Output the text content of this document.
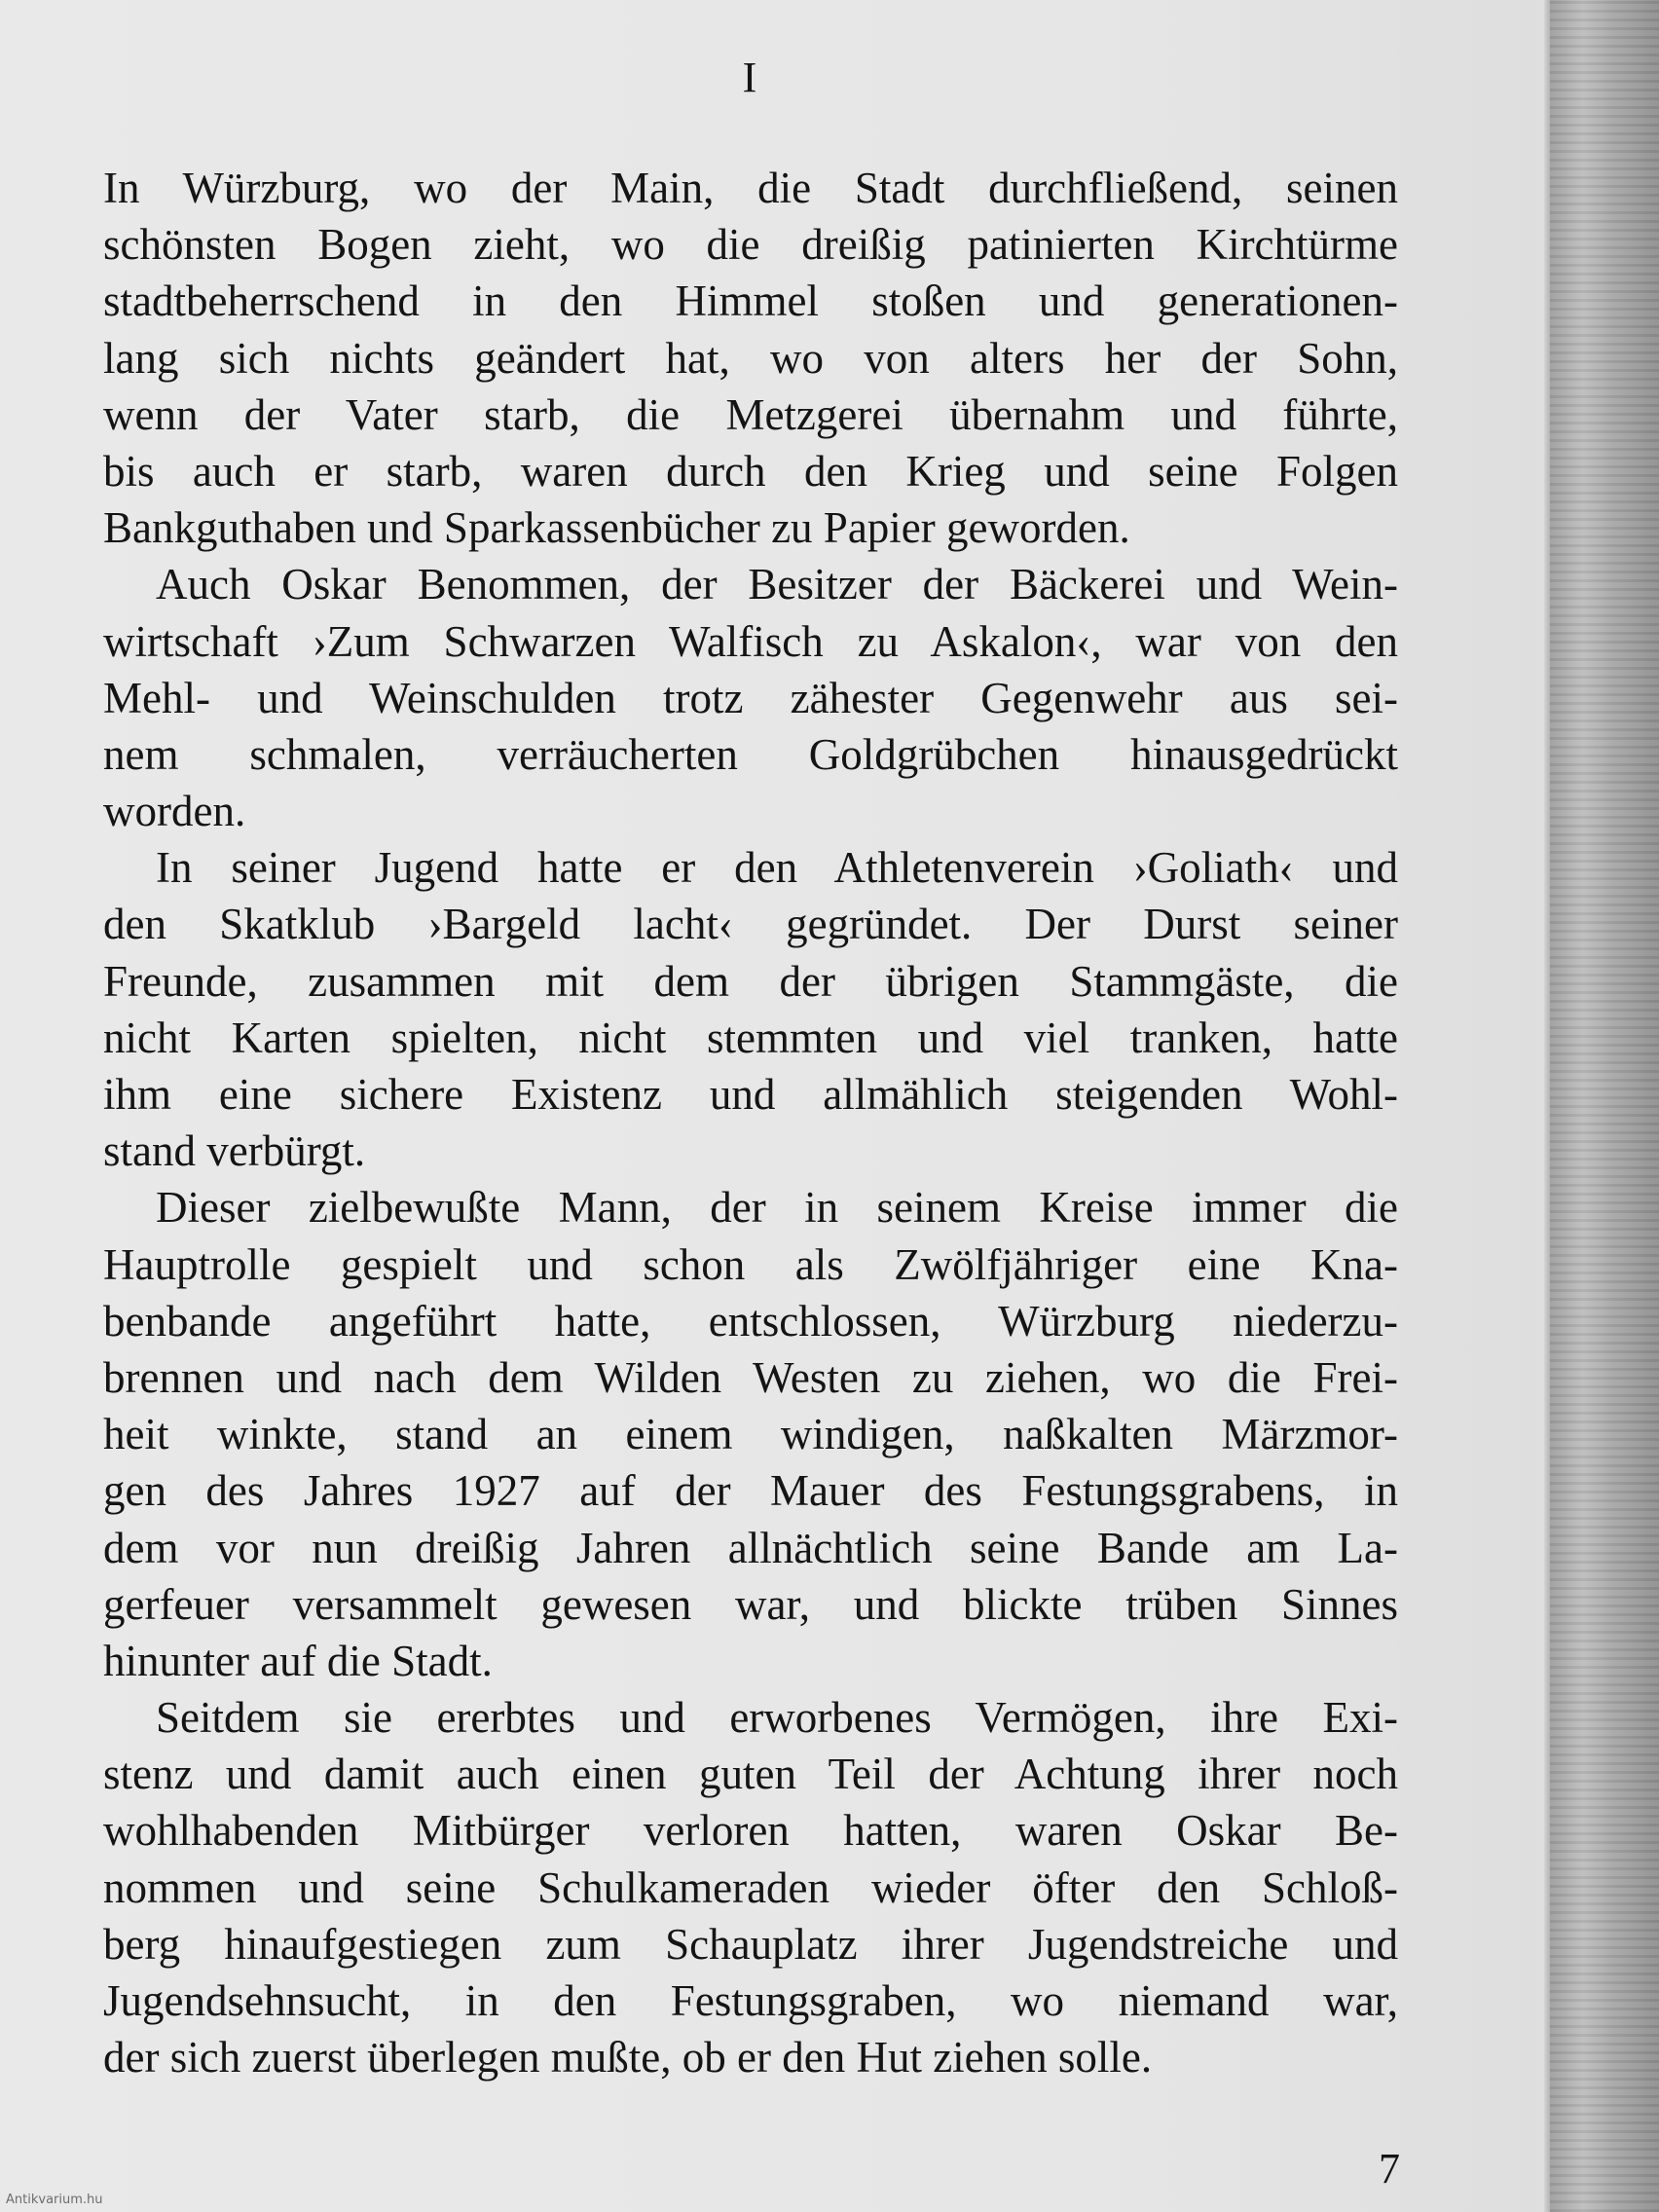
I
In Würzburg, wo der Main, die Stadt durchfließend, seinen
schönsten Bogen zieht, wo die dreißig patinierten Kirchtürme
stadtbeherrschend in den Himmel stoßen und generationen-
lang sich nichts geändert hat, wo von alters her der Sohn,
wenn der Vater starb, die Metzgerei übernahm und führte,
bis auch er starb, waren durch den Krieg und seine Folgen
Bankguthaben und Sparkassenbücher zu Papier geworden.
Auch Oskar Benommen, der Besitzer der Bäckerei und Wein-
wirtschaft ›Zum Schwarzen Walfisch zu Askalon‹, war von den
Mehl- und Weinschulden trotz zähester Gegenwehr aus sei-
nem schmalen, verräucherten Goldgrübchen hinausgedrückt
worden.
In seiner Jugend hatte er den Athletenverein ›Goliath‹ und
den Skatklub ›Bargeld lacht‹ gegründet. Der Durst seiner
Freunde, zusammen mit dem der übrigen Stammgäste, die
nicht Karten spielten, nicht stemmten und viel tranken, hatte
ihm eine sichere Existenz und allmählich steigenden Wohl-
stand verbürgt.
Dieser zielbewußte Mann, der in seinem Kreise immer die
Hauptrolle gespielt und schon als Zwölfjähriger eine Kna-
benbande angeführt hatte, entschlossen, Würzburg niederzu-
brennen und nach dem Wilden Westen zu ziehen, wo die Frei-
heit winkte, stand an einem windigen, naßkalten Märzmor-
gen des Jahres 1927 auf der Mauer des Festungsgrabens, in
dem vor nun dreißig Jahren allnächtlich seine Bande am La-
gerfeuer versammelt gewesen war, und blickte trüben Sinnes
hinunter auf die Stadt.
Seitdem sie ererbtes und erworbenes Vermögen, ihre Exi-
stenz und damit auch einen guten Teil der Achtung ihrer noch
wohlhabenden Mitbürger verloren hatten, waren Oskar Be-
nommen und seine Schulkameraden wieder öfter den Schloß-
berg hinaufgestiegen zum Schauplatz ihrer Jugendstreiche und
Jugendsehnsucht, in den Festungsgraben, wo niemand war,
der sich zuerst überlegen mußte, ob er den Hut ziehen solle.
7
Antikvarium.hu
